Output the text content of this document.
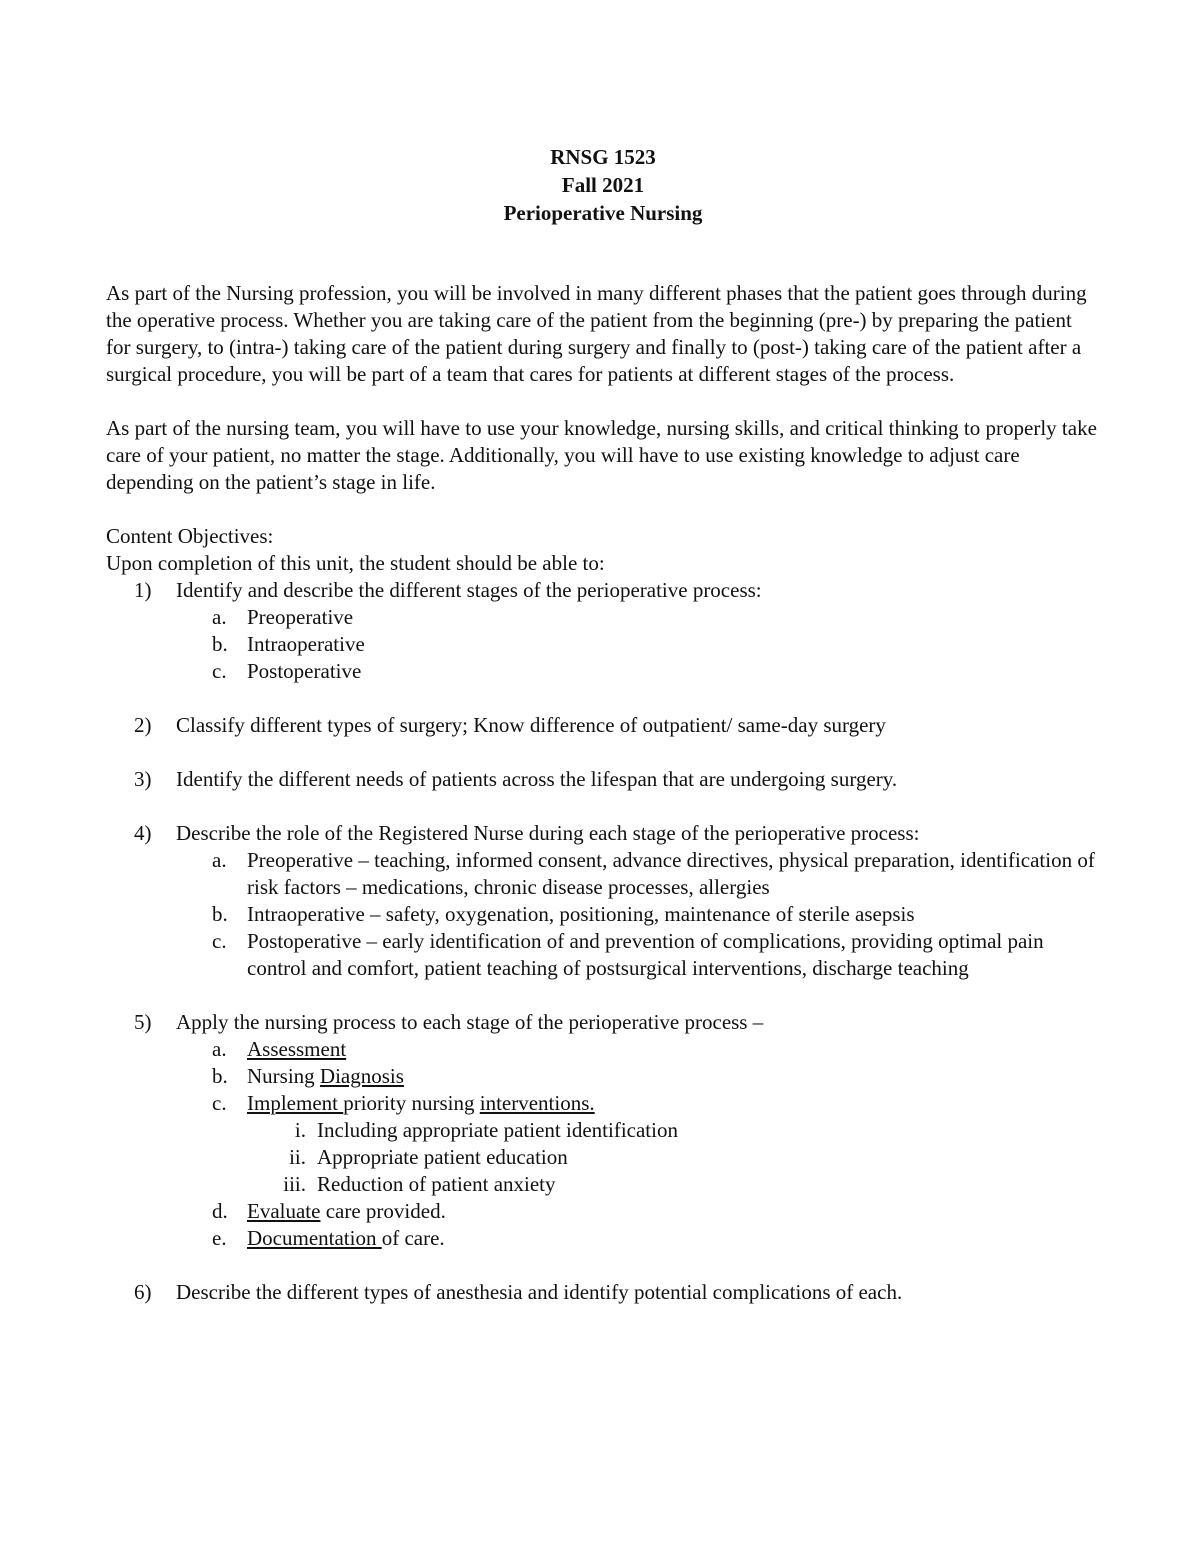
RNSG 1523
Fall 2021
Perioperative Nursing

As part of the Nursing profession, you will be involved in many different phases that the patient goes through during the operative process. Whether you are taking care of the patient from the beginning (pre-) by preparing the patient for surgery, to (intra-) taking care of the patient during surgery and finally to (post-) taking care of the patient after a surgical procedure, you will be part of a team that cares for patients at different stages of the process.

As part of the nursing team, you will have to use your knowledge, nursing skills, and critical thinking to properly take care of your patient, no matter the stage. Additionally, you will have to use existing knowledge to adjust care depending on the patient’s stage in life.

Content Objectives:

Upon completion of this unit, the student should be able to:

1) Identify and describe the different stages of the perioperative process:
a. Preoperative
b. Intraoperative
c. Postoperative
2) Classify different types of surgery; Know difference of outpatient/ same-day surgery
3) Identify the different needs of patients across the lifespan that are undergoing surgery.
4) Describe the role of the Registered Nurse during each stage of the perioperative process:
a. Preoperative – teaching, informed consent, advance directives, physical preparation, identification of risk factors – medications, chronic disease processes, allergies
b. Intraoperative – safety, oxygenation, positioning, maintenance of sterile asepsis
c. Postoperative – early identification of and prevention of complications, providing optimal pain control and comfort, patient teaching of postsurgical interventions, discharge teaching
5) Apply the nursing process to each stage of the perioperative process –
a. Assessment
b. Nursing Diagnosis
c. Implement priority nursing interventions.
i. Including appropriate patient identification
ii. Appropriate patient education
iii. Reduction of patient anxiety
d. Evaluate care provided.
e. Documentation of care.
6) Describe the different types of anesthesia and identify potential complications of each.
